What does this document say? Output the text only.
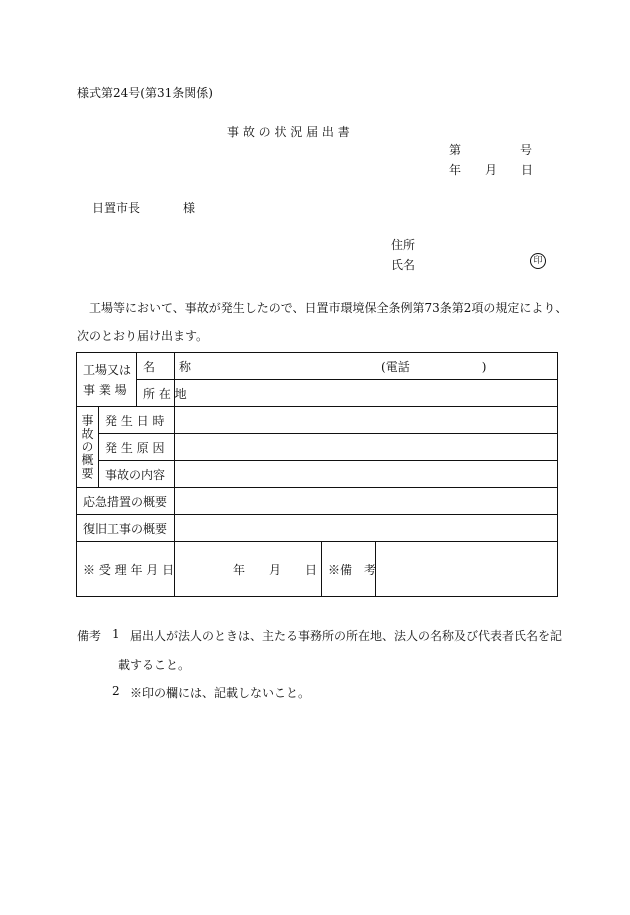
様式第24号(第31条関係)
事 故 の 状 況 届 出 書
第	号
年 月 日
日置市長	様
住所
氏名	印
工場等において、事故が発生したので、日置市環境保全条例第73条第2項の規定により、
次のとおり届け出ます。
工場又は
事 業 場		名　　称	(電話　　　　　　)		
		所 在 地			
事故の概要	発 生 日 時				
	発 生 原 因				
	事故の内容				
応急措置の概要					
復旧工事の概要					
※ 受 理 年 月 日			年　　月　　日	※備　考	
備考 1 届出人が法人のときは、主たる事務所の所在地、法人の名称及び代表者氏名を記
載すること。
2 ※印の欄には、記載しないこと。
